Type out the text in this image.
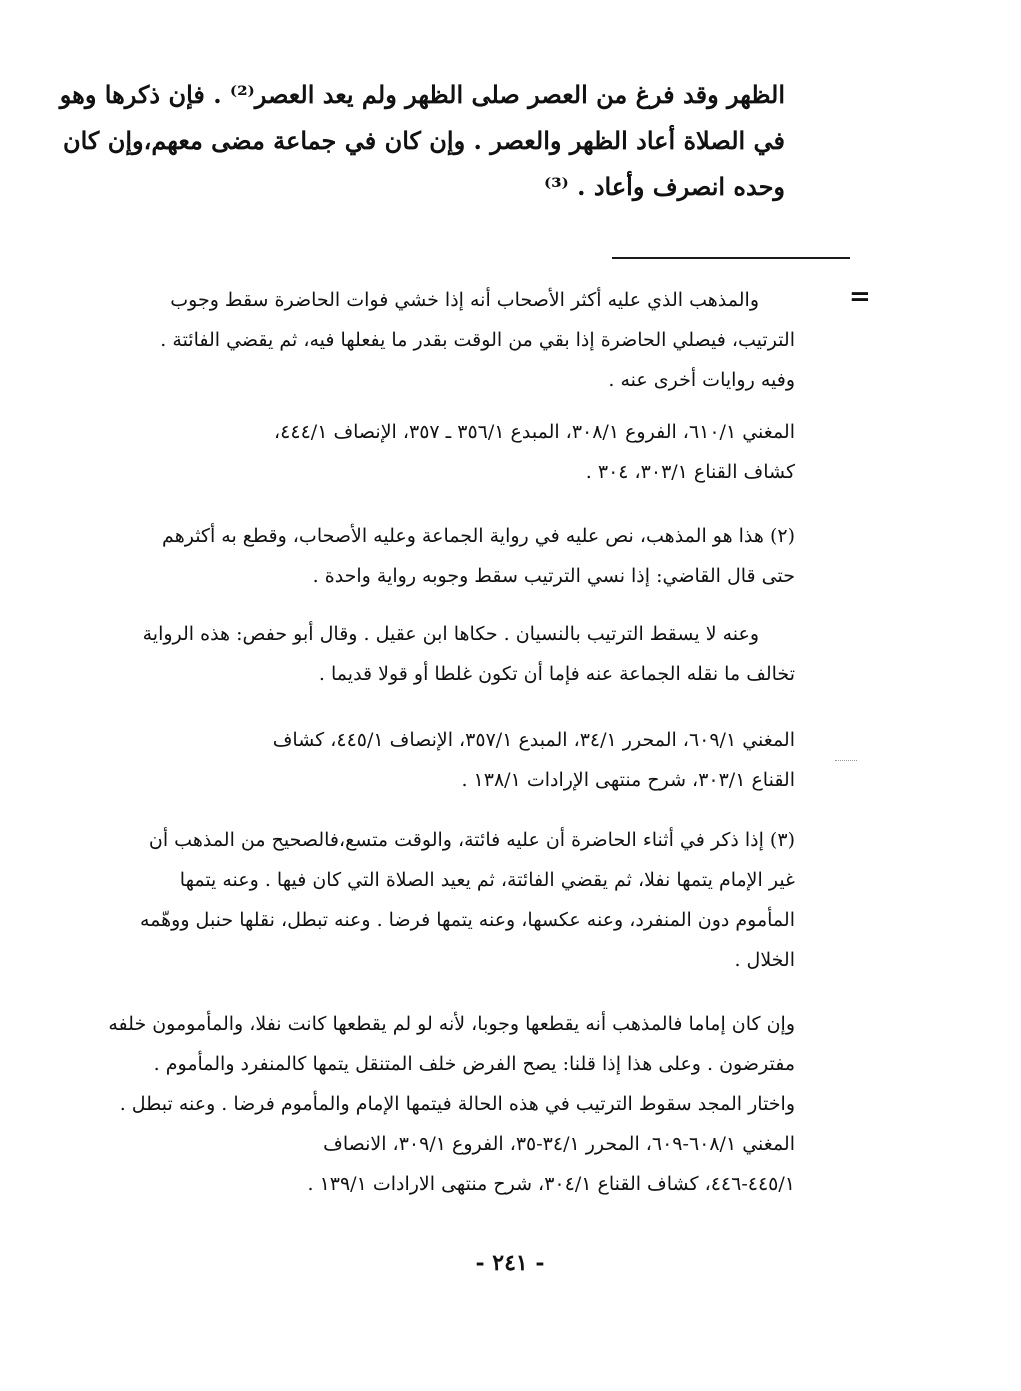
الظهر وقد فرغ من العصر صلى الظهر ولم يعد العصر⁽²⁾ . فإن ذكرها وهو
في الصلاة أعاد الظهر والعصر . وإن كان في جماعة مضى معهم،وإن كان
وحده انصرف وأعاد . ⁽³⁾
=
والمذهب الذي عليه أكثر الأصحاب أنه إذا خشي فوات الحاضرة سقط وجوب
الترتيب، فيصلي الحاضرة إذا بقي من الوقت بقدر ما يفعلها فيه، ثم يقضي الفائتة .
وفيه روايات أخرى عنه .
المغني ٦١٠/١، الفروع ٣٠٨/١، المبدع ٣٥٦/١ ـ ٣٥٧، الإنصاف ٤٤٤/١،
كشاف القناع ٣٠٣/١، ٣٠٤ .
(٢) هذا هو المذهب، نص عليه في رواية الجماعة وعليه الأصحاب، وقطع به أكثرهم
حتى قال القاضي: إذا نسي الترتيب سقط وجوبه رواية واحدة .
وعنه لا يسقط الترتيب بالنسيان . حكاها ابن عقيل . وقال أبو حفص: هذه الرواية
تخالف ما نقله الجماعة عنه فإما أن تكون غلطا أو قولا قديما .
المغني ٦٠٩/١، المحرر ٣٤/١، المبدع ٣٥٧/١، الإنصاف ٤٤٥/١، كشاف
القناع ٣٠٣/١، شرح منتهى الإرادات ١٣٨/١ .
(٣) إذا ذكر في أثناء الحاضرة أن عليه فائتة، والوقت متسع،فالصحيح من المذهب أن
غير الإمام يتمها نفلا، ثم يقضي الفائتة، ثم يعيد الصلاة التي كان فيها . وعنه يتمها
المأموم دون المنفرد، وعنه عكسها، وعنه يتمها فرضا . وعنه تبطل، نقلها حنبل ووهّمه
الخلال .
وإن كان إماما فالمذهب أنه يقطعها وجوبا، لأنه لو لم يقطعها كانت نفلا، والمأمومون خلفه
مفترضون . وعلى هذا إذا قلنا: يصح الفرض خلف المتنقل يتمها كالمنفرد والمأموم .
واختار المجد سقوط الترتيب في هذه الحالة فيتمها الإمام والمأموم فرضا . وعنه تبطل .
المغني ٦٠٨/١-٦٠٩، المحرر ٣٤/١-٣٥، الفروع ٣٠٩/١، الانصاف
٤٤٥/١-٤٤٦، كشاف القناع ٣٠٤/١، شرح منتهى الارادات ١٣٩/١ .
- ٢٤١ -
